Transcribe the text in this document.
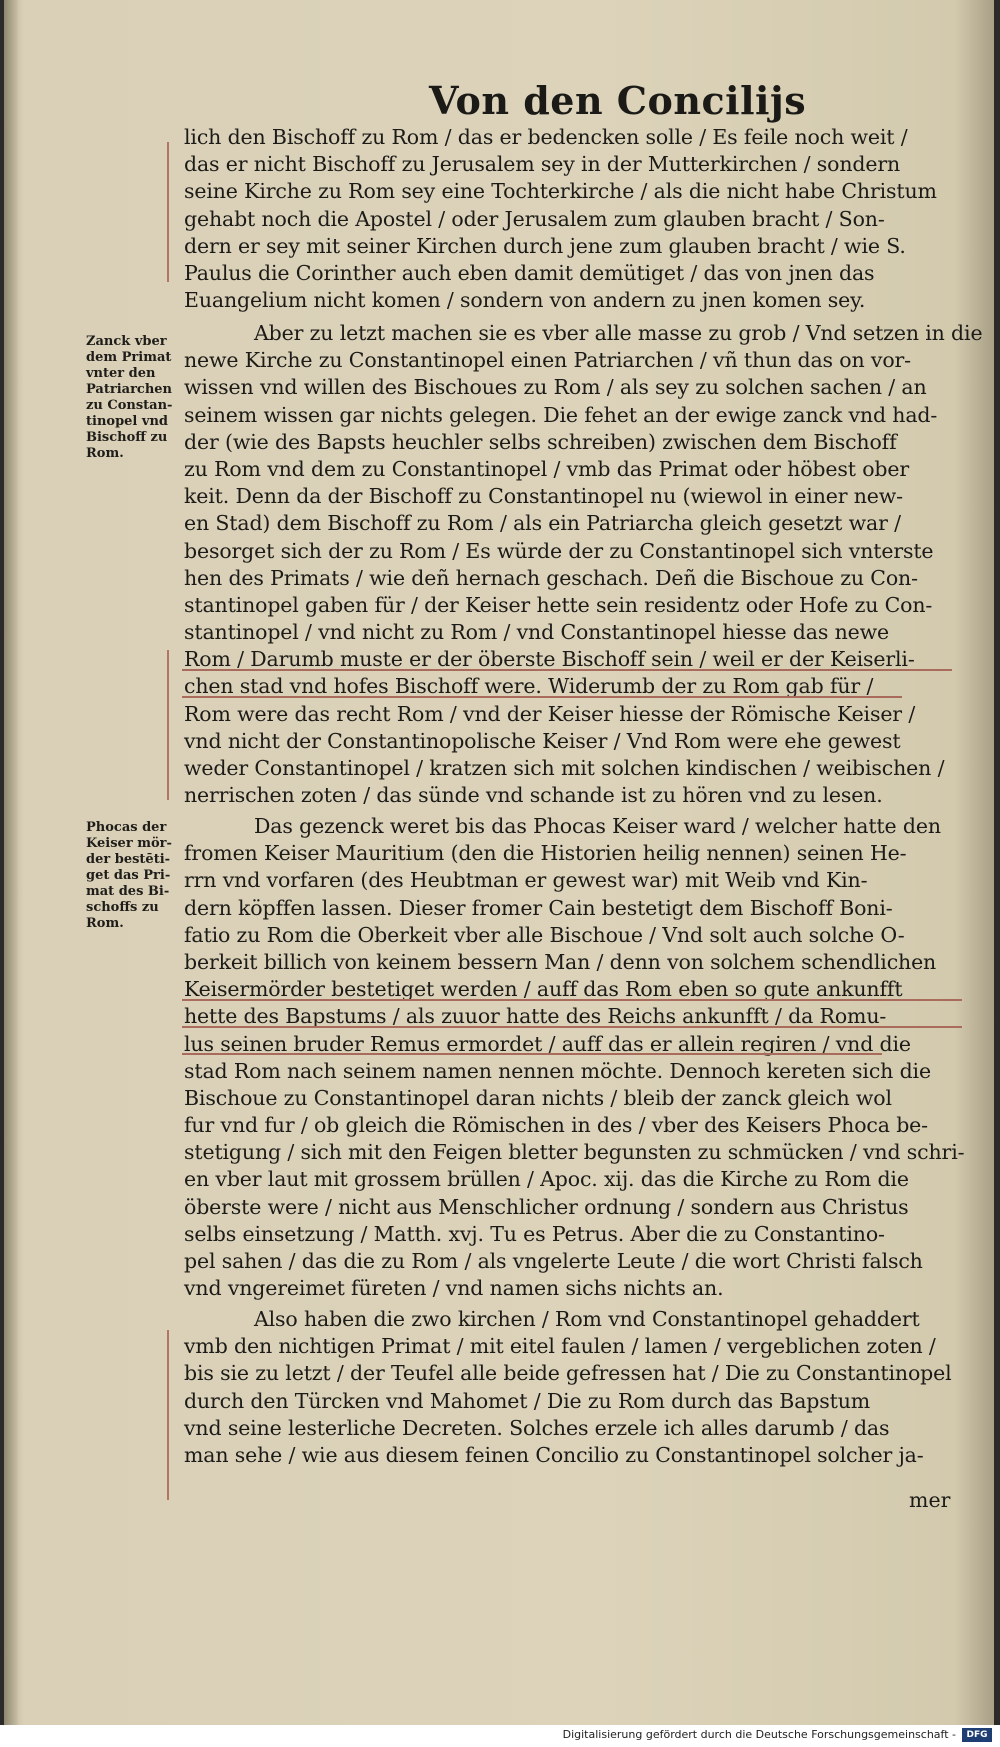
Von den Concilijs
lich den Bischoff zu Rom / das er bedencken solle / Es feile noch weit /
das er nicht Bischoff zu Jerusalem sey in der Mutterkirchen / sondern
seine Kirche zu Rom sey eine Tochterkirche / als die nicht habe Christum
gehabt noch die Apostel / oder Jerusalem zum glauben bracht / Son-
dern er sey mit seiner Kirchen durch jene zum glauben bracht / wie S.
Paulus die Corinther auch eben damit demütiget / das von jnen das
Euangelium nicht komen / sondern von andern zu jnen komen sey.
Aber zu letzt machen sie es vber alle masse zu grob / Vnd setzen in die
newe Kirche zu Constantinopel einen Patriarchen / vñ thun das on vor-
wissen vnd willen des Bischoues zu Rom / als sey zu solchen sachen / an
seinem wissen gar nichts gelegen. Die fehet an der ewige zanck vnd had-
der (wie des Bapsts heuchler selbs schreiben) zwischen dem Bischoff
zu Rom vnd dem zu Constantinopel / vmb das Primat oder höbest ober
keit. Denn da der Bischoff zu Constantinopel nu (wiewol in einer new-
en Stad) dem Bischoff zu Rom / als ein Patriarcha gleich gesetzt war /
besorget sich der zu Rom / Es würde der zu Constantinopel sich vnterste
hen des Primats / wie deñ hernach geschach. Deñ die Bischoue zu Con-
stantinopel gaben für / der Keiser hette sein residentz oder Hofe zu Con-
stantinopel / vnd nicht zu Rom / vnd Constantinopel hiesse das newe
Rom / Darumb muste er der öberste Bischoff sein / weil er der Keiserli-
chen stad vnd hofes Bischoff were. Widerumb der zu Rom gab für /
Rom were das recht Rom / vnd der Keiser hiesse der Römische Keiser /
vnd nicht der Constantinopolische Keiser / Vnd Rom were ehe gewest
weder Constantinopel / kratzen sich mit solchen kindischen / weibischen /
nerrischen zoten / das sünde vnd schande ist zu hören vnd zu lesen.
Das gezenck weret bis das Phocas Keiser ward / welcher hatte den
fromen Keiser Mauritium (den die Historien heilig nennen) seinen He-
rrn vnd vorfaren (des Heubtman er gewest war) mit Weib vnd Kin-
dern köpffen lassen. Dieser fromer Cain bestetigt dem Bischoff Boni-
fatio zu Rom die Oberkeit vber alle Bischoue / Vnd solt auch solche O-
berkeit billich von keinem bessern Man / denn von solchem schendlichen
Keisermörder bestetiget werden / auff das Rom eben so gute ankunfft
hette des Bapstums / als zuuor hatte des Reichs ankunfft / da Romu-
lus seinen bruder Remus ermordet / auff das er allein regiren / vnd die
stad Rom nach seinem namen nennen möchte. Dennoch kereten sich die
Bischoue zu Constantinopel daran nichts / bleib der zanck gleich wol
fur vnd fur / ob gleich die Römischen in des / vber des Keisers Phoca be-
stetigung / sich mit den Feigen bletter begunsten zu schmücken / vnd schri-
en vber laut mit grossem brüllen / Apoc. xij. das die Kirche zu Rom die
öberste were / nicht aus Menschlicher ordnung / sondern aus Christus
selbs einsetzung / Matth. xvj. Tu es Petrus. Aber die zu Constantino-
pel sahen / das die zu Rom / als vngelerte Leute / die wort Christi falsch
vnd vngereimet füreten / vnd namen sichs nichts an.
Also haben die zwo kirchen / Rom vnd Constantinopel gehaddert
vmb den nichtigen Primat / mit eitel faulen / lamen / vergeblichen zoten /
bis sie zu letzt / der Teufel alle beide gefressen hat / Die zu Constantinopel
durch den Türcken vnd Mahomet / Die zu Rom durch das Bapstum
vnd seine lesterliche Decreten. Solches erzele ich alles darumb / das
man sehe / wie aus diesem feinen Concilio zu Constantinopel solcher ja-
mer
Zanck vber dem Primat vnter den Patriarchen zu Constan- tinopel vnd Bischoff zu Rom.
Phocas der Keiser mör- der bestēti- get das Pri- mat des Bi- schoffs zu Rom.
Digitalisierung gefördert durch die Deutsche Forschungsgemeinschaft -	DFG
